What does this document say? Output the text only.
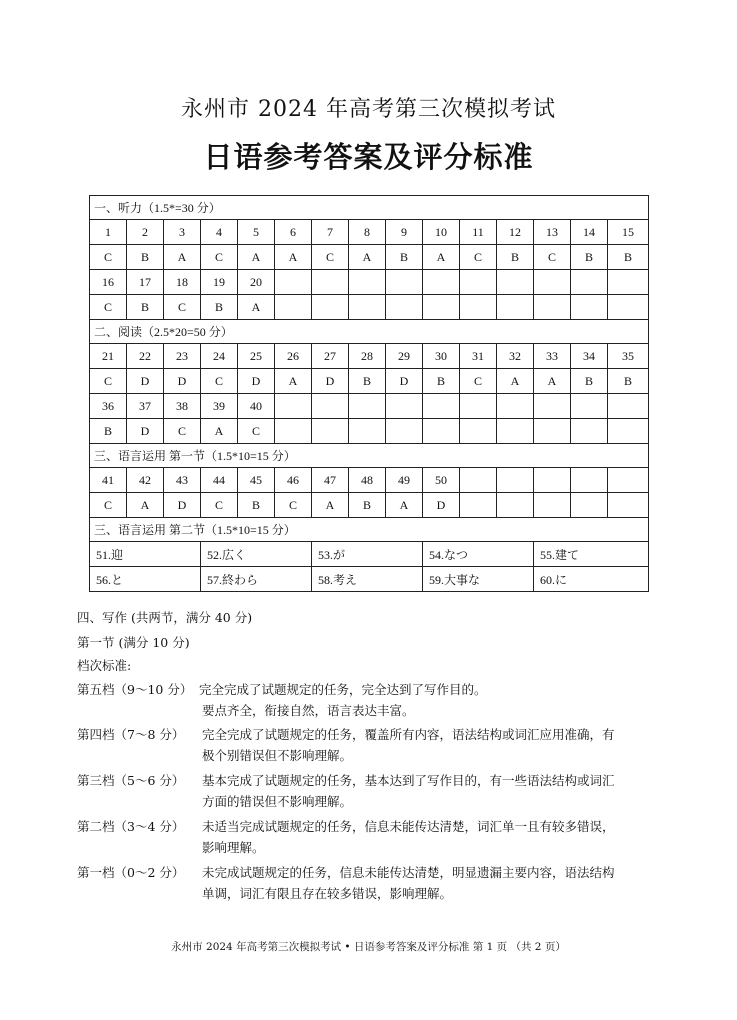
永州市 2024 年高考第三次模拟考试
日语参考答案及评分标准
一、听力（1.5*=30 分）														
1	2	3	4	5	6	7	8	9	10	11	12	13	14	15
C	B	A	C	A	A	C	A	B	A	C	B	C	B	B
16	17	18	19	20										
C	B	C	B	A										
二、阅读（2.5*20=50 分）														
21	22	23	24	25	26	27	28	29	30	31	32	33	34	35
C	D	D	C	D	A	D	B	D	B	C	A	A	B	B
36	37	38	39	40										
B	D	C	A	C										
三、语言运用 第一节（1.5*10=15 分）														
41	42	43	44	45	46	47	48	49	50					
C	A	D	C	B	C	A	B	A	D					
三、语言运用 第二节（1.5*10=15 分）														
51.迎			52.広く			53.が			54.なつ			55.建て		
56.と			57.終わら			58.考え			59.大事な			60.に		
四、写作 (共两节，满分 40 分)
第一节 (满分 10 分)
档次标准:
第五档（9～10 分） 完全完成了试题规定的任务，完全达到了写作目的。
要点齐全，衔接自然，语言表达丰富。
第四档（7～8 分） 完全完成了试题规定的任务，覆盖所有内容，语法结构或词汇应用准确，有
极个别错误但不影响理解。
第三档（5～6 分） 基本完成了试题规定的任务，基本达到了写作目的，有一些语法结构或词汇
方面的错误但不影响理解。
第二档（3～4 分） 未适当完成试题规定的任务，信息未能传达清楚，词汇单一且有较多错误，
影响理解。
第一档（0～2 分） 未完成试题规定的任务，信息未能传达清楚，明显遗漏主要内容，语法结构
单调，词汇有限且存在较多错误，影响理解。
永州市 2024 年高考第三次模拟考试 • 日语参考答案及评分标准 第 1 页 （共 2 页）
